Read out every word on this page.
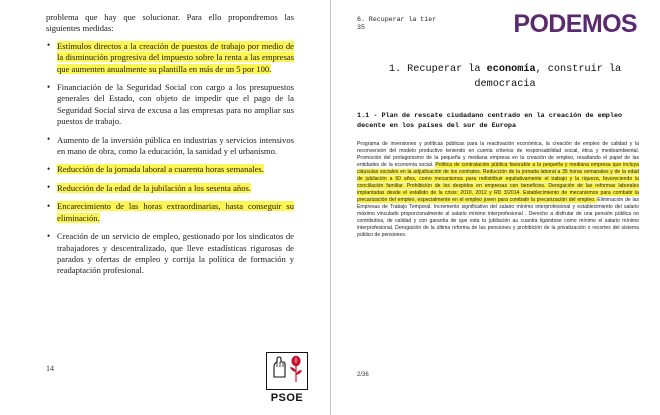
problema que hay que solucionar. Para ello propondremos las siguientes medidas:

• Estímulos directos a la creación de puestos de trabajo por medio de la disminución progresiva del impuesto sobre la renta a las empresas que aumenten anualmente su plantilla en más de un 5 por 100.
• Financiación de la Seguridad Social con cargo a los presupuestos generales del Estado, con objeto de impedir que el pago de la Seguridad Social sirva de excusa a las empresas para no ampliar sus puestos de trabajo.
• Aumento de la inversión pública en industrias y servicios intensivos en mano de obra, como la educación, la sanidad y el urbanismo.
• Reducción de la jornada laboral a cuarenta horas semanales.
• Reducción de la edad de la jubilación a los sesenta años.
• Encarecimiento de las horas extraordinarias, hasta conseguir su eliminación.
• Creación de un servicio de empleo, gestionado por los sindicatos de trabajadores y descentralizado, que lleve estadísticas rigurosas de parados y ofertas de empleo y corrija la política de formación y readaptación profesional.
14
PSOE
6. Recuperar la tier
35	PODEMOS
1. Recuperar la economía, construir la
democracia
1.1 - Plan de rescate ciudadano centrado en la creación de empleo decente en los países del sur de Europa

Programa de inversiones y políticas públicas para la reactivación económica, la creación de empleo de calidad y la reconversión del modelo productivo teniendo en cuenta criterios de responsabilidad social, ética y medioambiental. Promoción del protagonismo de la pequeña y mediana empresa en la creación de empleo, resaltando el papel de las entidades de la economía social. Política de contratación pública favorable a la pequeña y mediana empresa que incluya cláusulas sociales en la adjudicación de los contratos. Reducción de la jornada laboral a 35 horas semanales y de la edad de jubilación a 60 años, como mecanismos para redistribuir equitativamente el trabajo y la riqueza, favoreciendo la conciliación familiar. Prohibición de los despidos en empresas con beneficios. Derogación de las reformas laborales implantadas desde el estallido de la crisis: 2010, 2012 y RD 3/2014. Establecimiento de mecanismos para combatir la precarización del empleo, especialmente en el empleo joven para combatir la precarización del empleo. Eliminación de las Empresas de Trabajo Temporal. Incremento significativo del salario mínimo interprofesional y establecimiento del salario máximo vinculado proporcionalmente al salario mínimo interprofesional . Derecho a disfrutar de una pensión pública no contributiva, de calidad y con garantía de que esta tu jubilación au cuantía ligándose como mínimo el salario mínimo interprofesional. Derogación de la última reforma de las pensiones y prohibición de la privatización o recortes del sistema público de pensiones.

2/36
